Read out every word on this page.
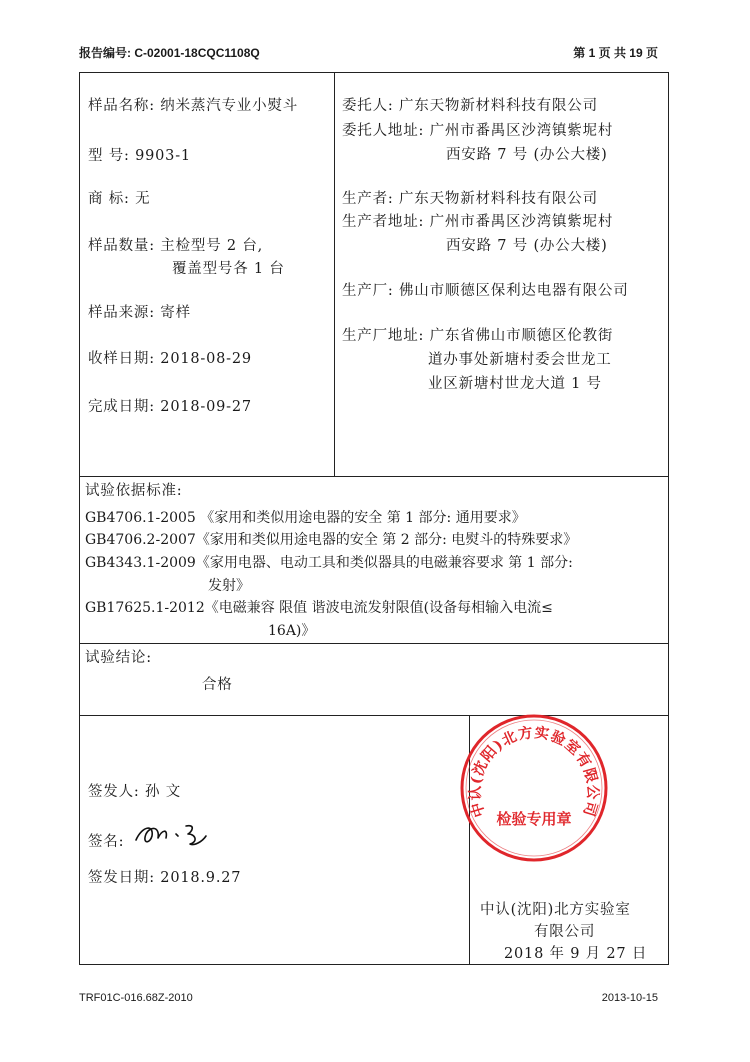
报告编号: C-02001-18CQC1108Q	第 1 页 共 19 页
样品名称: 纳米蒸汽专业小熨斗
型 号: 9903-1
商 标: 无
样品数量: 主检型号 2 台,
覆盖型号各 1 台
样品来源: 寄样
收样日期: 2018-08-29
完成日期: 2018-09-27
委托人: 广东天物新材料科技有限公司
委托人地址: 广州市番禺区沙湾镇紫坭村
西安路 7 号 (办公大楼)
生产者: 广东天物新材料科技有限公司
生产者地址: 广州市番禺区沙湾镇紫坭村
西安路 7 号 (办公大楼)
生产厂: 佛山市顺德区保利达电器有限公司
生产厂地址: 广东省佛山市顺德区伦教街
道办事处新塘村委会世龙工
业区新塘村世龙大道 1 号
试验依据标准:
GB4706.1-2005 《家用和类似用途电器的安全 第 1 部分: 通用要求》
GB4706.2-2007《家用和类似用途电器的安全 第 2 部分: 电熨斗的特殊要求》
GB4343.1-2009《家用电器、电动工具和类似器具的电磁兼容要求 第 1 部分:
发射》
GB17625.1-2012《电磁兼容 限值 谐波电流发射限值(设备每相输入电流≤
16A)》
试验结论:
合格
签发人: 孙 文
签名:
签发日期: 2018.9.27
中认(沈阳)北方实验室有限公司
检验专用章
中认(沈阳)北方实验室
有限公司
2018 年 9 月 27 日
TRF01C-016.68Z-2010	2013-10-15
